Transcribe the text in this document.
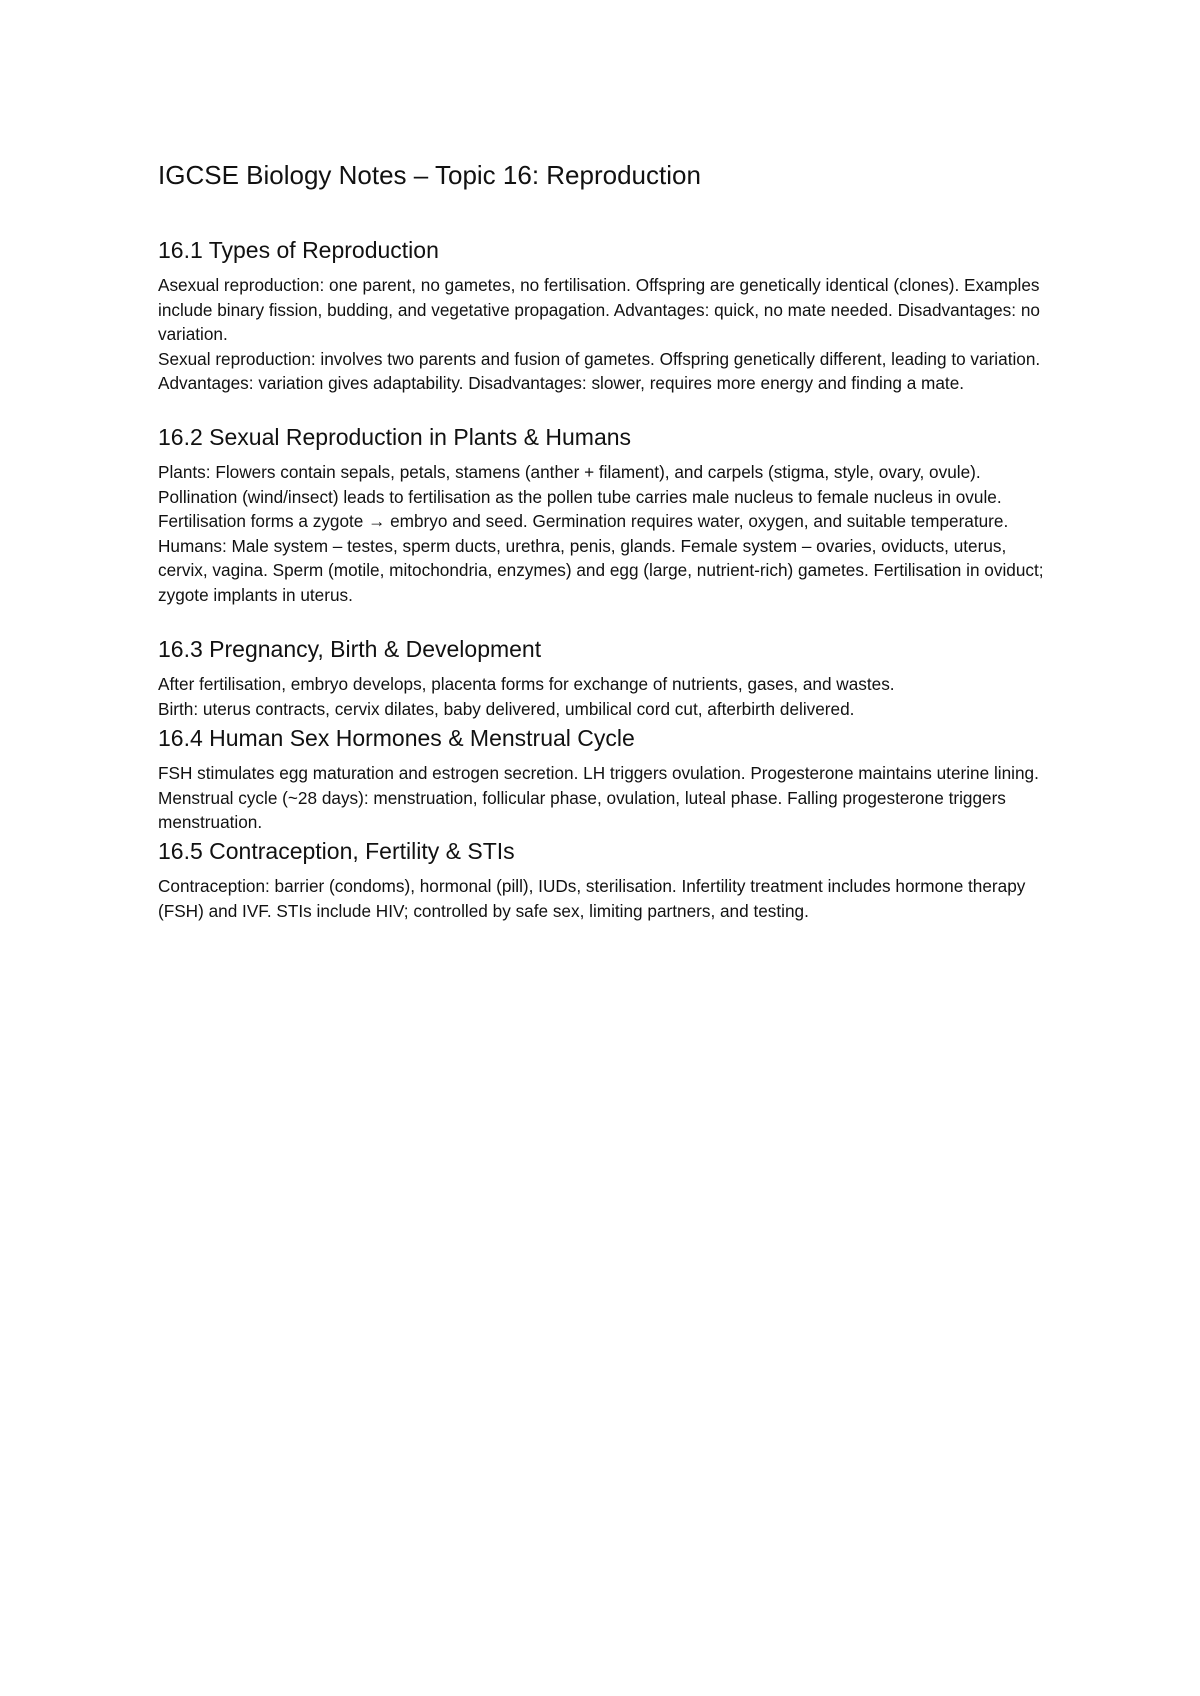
IGCSE Biology Notes – Topic 16: Reproduction
16.1 Types of Reproduction

Asexual reproduction: one parent, no gametes, no fertilisation. Offspring are genetically identical (clones). Examples include binary fission, budding, and vegetative propagation. Advantages: quick, no mate needed. Disadvantages: no variation.

Sexual reproduction: involves two parents and fusion of gametes. Offspring genetically different, leading to variation. Advantages: variation gives adaptability. Disadvantages: slower, requires more energy and finding a mate.

16.2 Sexual Reproduction in Plants & Humans

Plants: Flowers contain sepals, petals, stamens (anther + filament), and carpels (stigma, style, ovary, ovule). Pollination (wind/insect) leads to fertilisation as the pollen tube carries male nucleus to female nucleus in ovule. Fertilisation forms a zygote → embryo and seed. Germination requires water, oxygen, and suitable temperature.

Humans: Male system – testes, sperm ducts, urethra, penis, glands. Female system – ovaries, oviducts, uterus, cervix, vagina. Sperm (motile, mitochondria, enzymes) and egg (large, nutrient-rich) gametes. Fertilisation in oviduct; zygote implants in uterus.

16.3 Pregnancy, Birth & Development

After fertilisation, embryo develops, placenta forms for exchange of nutrients, gases, and wastes.

Birth: uterus contracts, cervix dilates, baby delivered, umbilical cord cut, afterbirth delivered.

16.4 Human Sex Hormones & Menstrual Cycle

FSH stimulates egg maturation and estrogen secretion. LH triggers ovulation. Progesterone maintains uterine lining. Menstrual cycle (~28 days): menstruation, follicular phase, ovulation, luteal phase. Falling progesterone triggers menstruation.

16.5 Contraception, Fertility & STIs

Contraception: barrier (condoms), hormonal (pill), IUDs, sterilisation. Infertility treatment includes hormone therapy (FSH) and IVF. STIs include HIV; controlled by safe sex, limiting partners, and testing.
